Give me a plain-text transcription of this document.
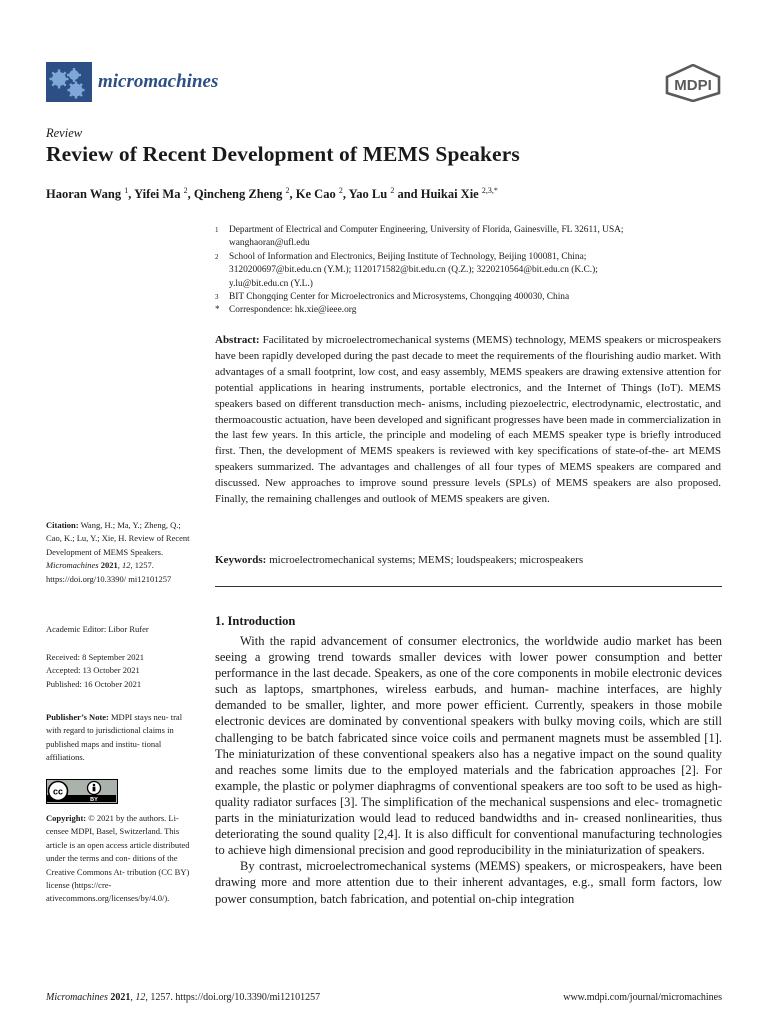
micromachines	MDPI
Review
Review of Recent Development of MEMS Speakers
Haoran Wang $^1$, Yifei Ma $^2$, Qincheng Zheng $^2$, Ke Cao $^2$, Yao Lu $^2$ and Huikai Xie $^{2,3,*}$
1	Department of Electrical and Computer Engineering, University of Florida, Gainesville, FL 32611, USA;
wanghaoran@ufl.edu
2	School of Information and Electronics, Beijing Institute of Technology, Beijing 100081, China;
3120200697@bit.edu.cn (Y.M.); 1120171582@bit.edu.cn (Q.Z.); 3220210564@bit.edu.cn (K.C.);
y.lu@bit.edu.cn (Y.L.)
3	BIT Chongqing Center for Microelectronics and Microsystems, Chongqing 400030, China
* Correspondence: hk.xie@ieee.org

Abstract: Facilitated by microelectromechanical systems (MEMS) technology, MEMS speakers or microspeakers have been rapidly developed during the past decade to meet the requirements of the flourishing audio market. With advantages of a small footprint, low cost, and easy assembly, MEMS speakers are drawing extensive attention for potential applications in hearing instruments, portable electronics, and the Internet of Things (IoT). MEMS speakers based on different transduction mech- anisms, including piezoelectric, electrodynamic, electrostatic, and thermoacoustic actuation, have been developed and significant progresses have been made in commercialization in the last few years. In this article, the principle and modeling of each MEMS speaker type is briefly introduced first. Then, the development of MEMS speakers is reviewed with key specifications of state-of-the- art MEMS speakers summarized. The advantages and challenges of all four types of MEMS speakers are compared and discussed. New approaches to improve sound pressure levels (SPLs) of MEMS speakers are also proposed. Finally, the remaining challenges and outlook of MEMS speakers are given.

Keywords: microelectromechanical systems; MEMS; loudspeakers; microspeakers
1. Introduction

With the rapid advancement of consumer electronics, the worldwide audio market has been seeing a growing trend towards smaller devices with lower power consumption and better performance in the last decade. Speakers, as one of the core components in mobile electronic devices such as laptops, smartphones, wireless earbuds, and human- machine interfaces, are highly demanded to be smaller, lighter, and more power efficient. Currently, speakers in those mobile electronic devices are dominated by conventional speakers with bulky moving coils, which are still challenging to be batch fabricated since voice coils and permanent magnets must be assembled [1]. The miniaturization of these conventional speakers also has a negative impact on the sound quality and reaches some limits due to the employed materials and the fabrication approaches [2]. For example, the plastic or polymer diaphragms of conventional speakers are too soft to be used as high- quality radiator surfaces [3]. The simplification of the mechanical suspensions and elec- tromagnetic parts in the miniaturization would lead to reduced bandwidths and in- creased nonlinearities, thus deteriorating the sound quality [2,4]. It is also difficult for conventional manufacturing technologies to achieve high dimensional precision and good reproducibility in the miniaturization of speakers.

By contrast, microelectromechanical systems (MEMS) speakers, or microspeakers, have been drawing more and more attention due to their inherent advantages, e.g., small form factors, low power consumption, batch fabrication, and potential on-chip integration

Citation: Wang, H.; Ma, Y.; Zheng, Q.; Cao, K.; Lu, Y.; Xie, H. Review of Recent Development of MEMS Speakers. Micromachines 2021, 12, 1257. https://doi.org/10.3390/ mi12101257
Academic Editor: Libor Rufer
Received: 8 September 2021
Accepted: 13 October 2021
Published: 16 October 2021
Publisher’s Note: MDPI stays neu- tral with regard to jurisdictional claims in published maps and institu- tional affiliations.
cc
BY
Copyright: © 2021 by the authors. Li- censee MDPI, Basel, Switzerland. This article is an open access article distributed under the terms and con- ditions of the Creative Commons At- tribution (CC BY) license (https://cre- ativecommons.org/licenses/by/4.0/).
Micromachines 2021, 12, 1257. https://doi.org/10.3390/mi12101257	www.mdpi.com/journal/micromachines
